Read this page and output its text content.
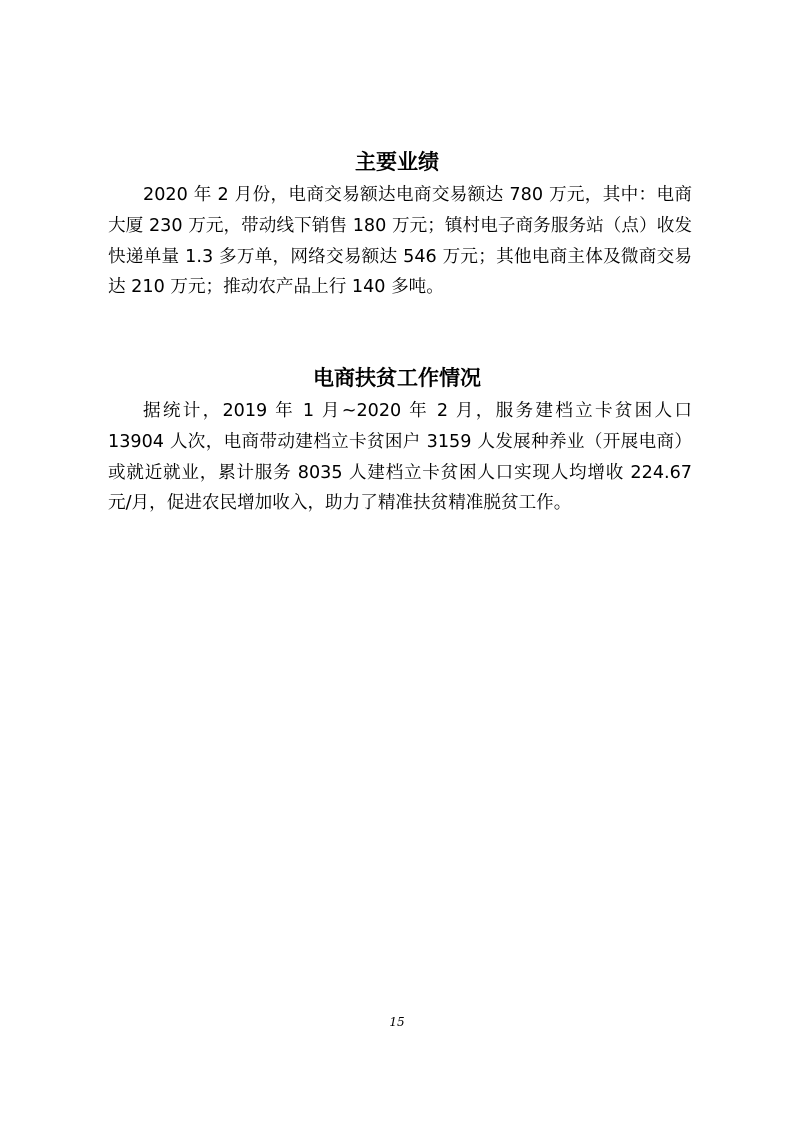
主要业绩

2020 年 2 月份，电商交易额达电商交易额达 780 万元，其中：电商大厦 230 万元，带动线下销售 180 万元；镇村电子商务服务站（点）收发快递单量 1.3 多万单，网络交易额达 546 万元；其他电商主体及微商交易达 210 万元；推动农产品上行 140 多吨。

电商扶贫工作情况

据统计，2019 年 1 月~2020 年 2 月，服务建档立卡贫困人口 13904 人次，电商带动建档立卡贫困户 3159 人发展种养业（开展电商）或就近就业，累计服务 8035 人建档立卡贫困人口实现人均增收 224.67 元/月，促进农民增加收入，助力了精准扶贫精准脱贫工作。

15
